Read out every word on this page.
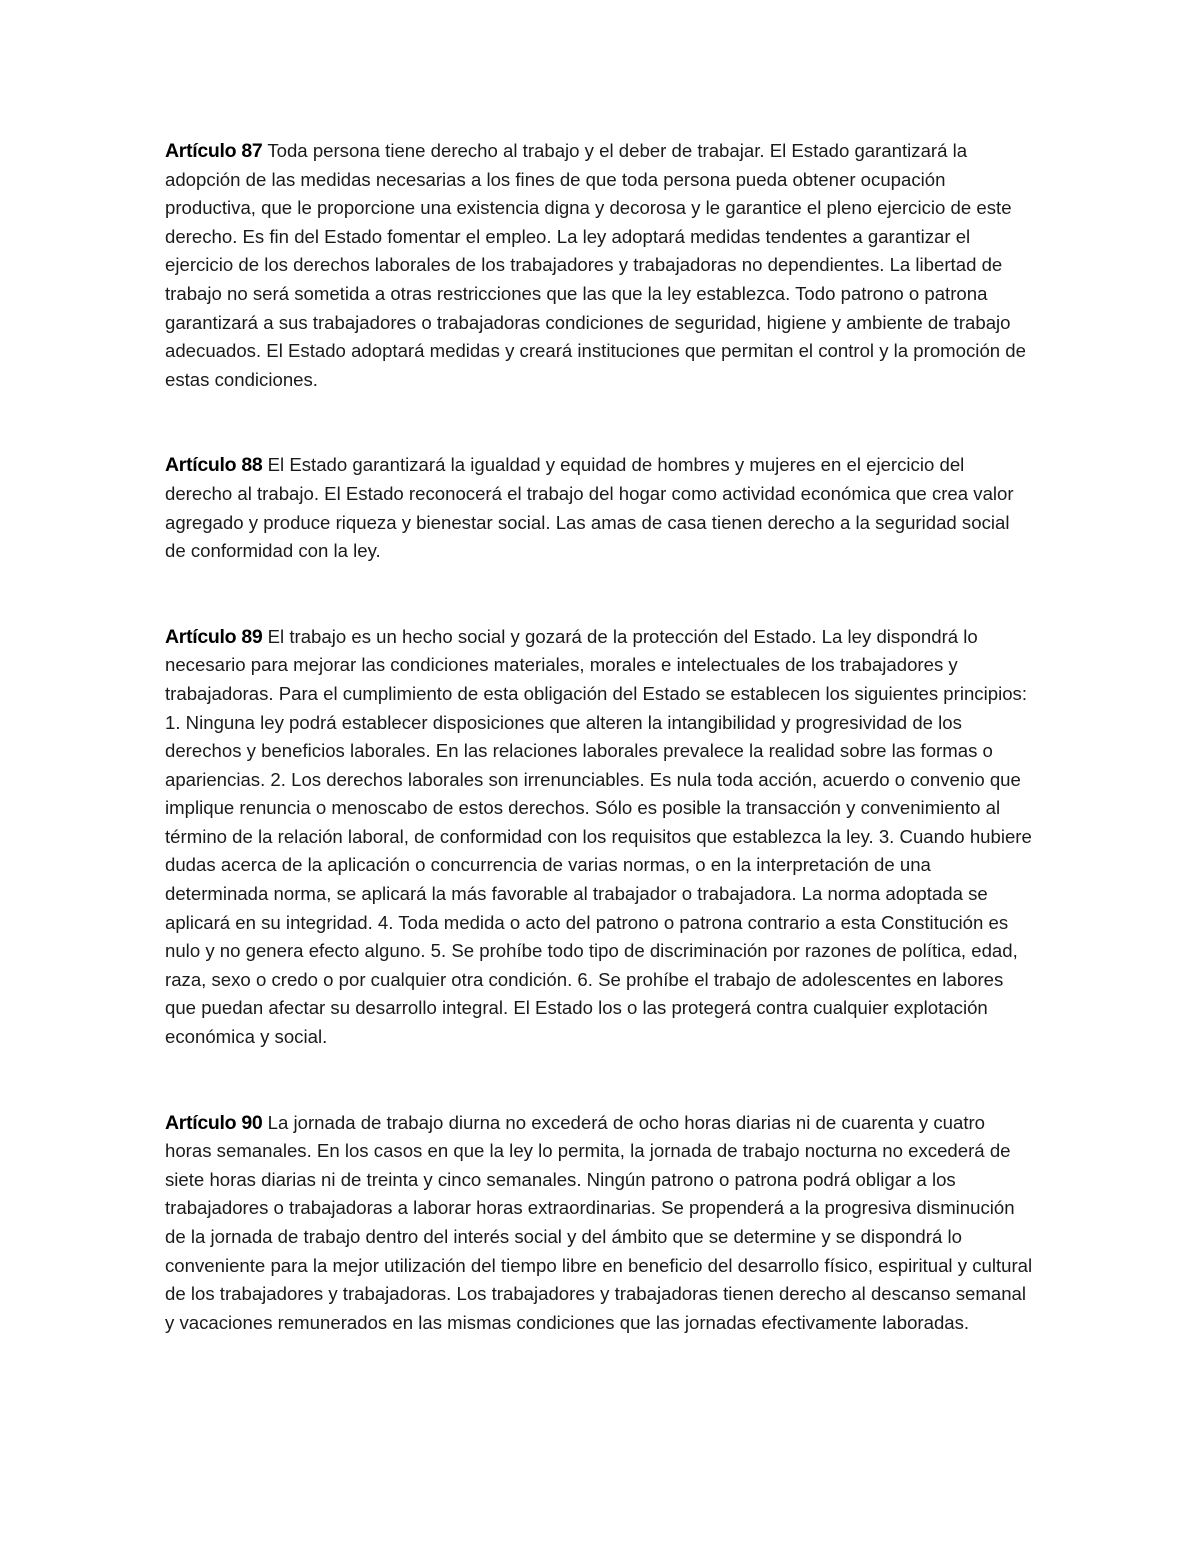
Artículo 87 Toda persona tiene derecho al trabajo y el deber de trabajar. El Estado garantizará la adopción de las medidas necesarias a los fines de que toda persona pueda obtener ocupación productiva, que le proporcione una existencia digna y decorosa y le garantice el pleno ejercicio de este derecho. Es fin del Estado fomentar el empleo. La ley adoptará medidas tendentes a garantizar el ejercicio de los derechos laborales de los trabajadores y trabajadoras no dependientes. La libertad de trabajo no será sometida a otras restricciones que las que la ley establezca. Todo patrono o patrona garantizará a sus trabajadores o trabajadoras condiciones de seguridad, higiene y ambiente de trabajo adecuados. El Estado adoptará medidas y creará instituciones que permitan el control y la promoción de estas condiciones.

Artículo 88 El Estado garantizará la igualdad y equidad de hombres y mujeres en el ejercicio del derecho al trabajo. El Estado reconocerá el trabajo del hogar como actividad económica que crea valor agregado y produce riqueza y bienestar social. Las amas de casa tienen derecho a la seguridad social de conformidad con la ley.

Artículo 89 El trabajo es un hecho social y gozará de la protección del Estado. La ley dispondrá lo necesario para mejorar las condiciones materiales, morales e intelectuales de los trabajadores y trabajadoras. Para el cumplimiento de esta obligación del Estado se establecen los siguientes principios: 1. Ninguna ley podrá establecer disposiciones que alteren la intangibilidad y progresividad de los derechos y beneficios laborales. En las relaciones laborales prevalece la realidad sobre las formas o apariencias. 2. Los derechos laborales son irrenunciables. Es nula toda acción, acuerdo o convenio que implique renuncia o menoscabo de estos derechos. Sólo es posible la transacción y convenimiento al término de la relación laboral, de conformidad con los requisitos que establezca la ley. 3. Cuando hubiere dudas acerca de la aplicación o concurrencia de varias normas, o en la interpretación de una determinada norma, se aplicará la más favorable al trabajador o trabajadora. La norma adoptada se aplicará en su integridad. 4. Toda medida o acto del patrono o patrona contrario a esta Constitución es nulo y no genera efecto alguno. 5. Se prohíbe todo tipo de discriminación por razones de política, edad, raza, sexo o credo o por cualquier otra condición. 6. Se prohíbe el trabajo de adolescentes en labores que puedan afectar su desarrollo integral. El Estado los o las protegerá contra cualquier explotación económica y social.

Artículo 90 La jornada de trabajo diurna no excederá de ocho horas diarias ni de cuarenta y cuatro horas semanales. En los casos en que la ley lo permita, la jornada de trabajo nocturna no excederá de siete horas diarias ni de treinta y cinco semanales. Ningún patrono o patrona podrá obligar a los trabajadores o trabajadoras a laborar horas extraordinarias. Se propenderá a la progresiva disminución de la jornada de trabajo dentro del interés social y del ámbito que se determine y se dispondrá lo conveniente para la mejor utilización del tiempo libre en beneficio del desarrollo físico, espiritual y cultural de los trabajadores y trabajadoras. Los trabajadores y trabajadoras tienen derecho al descanso semanal y vacaciones remunerados en las mismas condiciones que las jornadas efectivamente laboradas.
